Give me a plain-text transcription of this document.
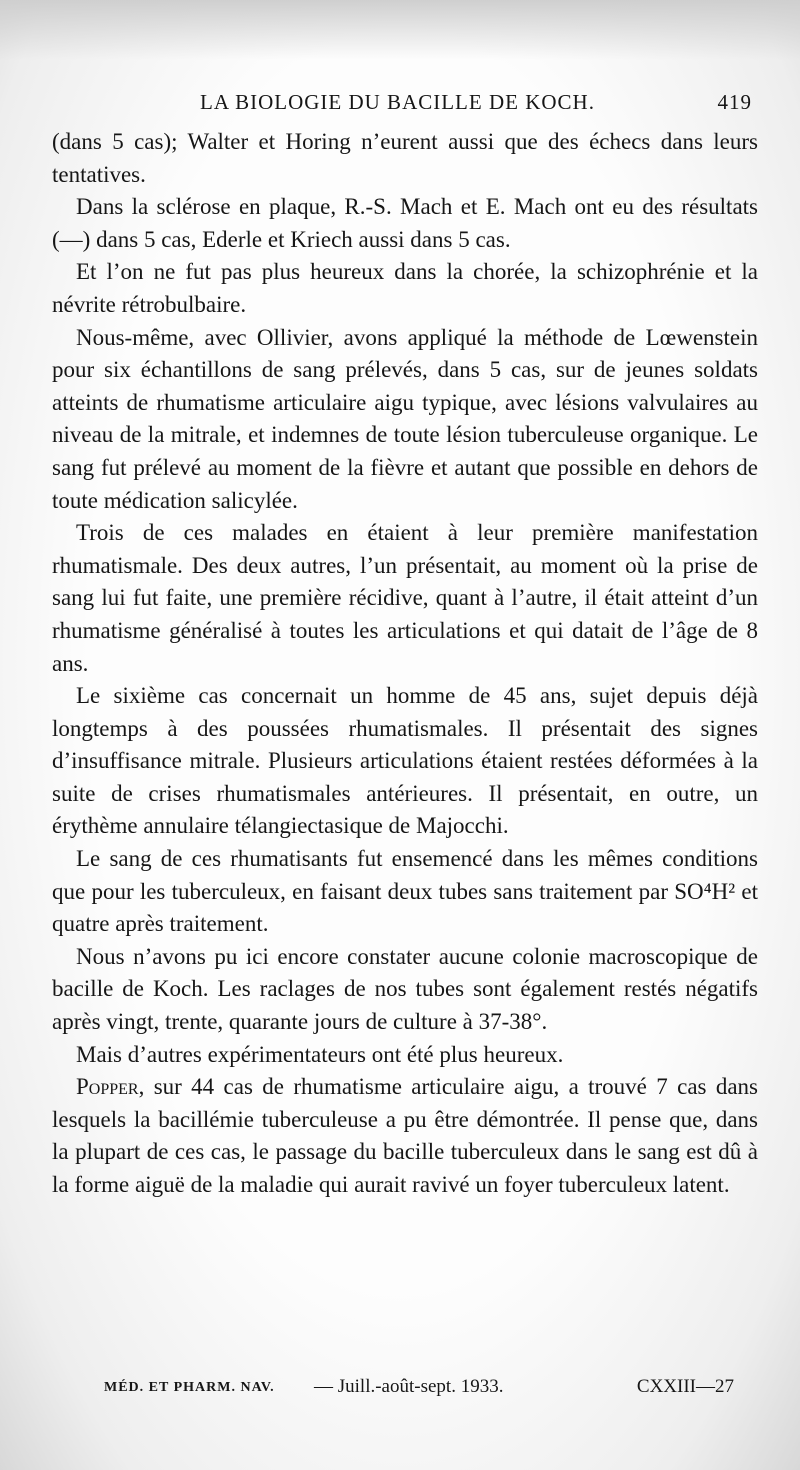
LA BIOLOGIE DU BACILLE DE KOCH.	419

(dans 5 cas); Walter et Horing n’eurent aussi que des échecs dans leurs tentatives.

Dans la sclérose en plaque, R.-S. Mach et E. Mach ont eu des résultats (—) dans 5 cas, Ederle et Kriech aussi dans 5 cas.

Et l’on ne fut pas plus heureux dans la chorée, la schizophrénie et la névrite rétrobulbaire.

Nous-même, avec Ollivier, avons appliqué la méthode de Lœwenstein pour six échantillons de sang prélevés, dans 5 cas, sur de jeunes soldats atteints de rhumatisme articulaire aigu typique, avec lésions valvulaires au niveau de la mitrale, et indemnes de toute lésion tuberculeuse organique. Le sang fut prélevé au moment de la fièvre et autant que possible en dehors de toute médication salicylée.

Trois de ces malades en étaient à leur première manifestation rhumatismale. Des deux autres, l’un présentait, au moment où la prise de sang lui fut faite, une première récidive, quant à l’autre, il était atteint d’un rhumatisme généralisé à toutes les articulations et qui datait de l’âge de 8 ans.

Le sixième cas concernait un homme de 45 ans, sujet depuis déjà longtemps à des poussées rhumatismales. Il présentait des signes d’insuffisance mitrale. Plusieurs articulations étaient restées déformées à la suite de crises rhumatismales antérieures. Il présentait, en outre, un érythème annulaire télangiectasique de Majocchi.

Le sang de ces rhumatisants fut ensemencé dans les mêmes conditions que pour les tuberculeux, en faisant deux tubes sans traitement par SO⁴H² et quatre après traitement.

Nous n’avons pu ici encore constater aucune colonie macroscopique de bacille de Koch. Les raclages de nos tubes sont également restés négatifs après vingt, trente, quarante jours de culture à 37-38°.

Mais d’autres expérimentateurs ont été plus heureux.

Popper, sur 44 cas de rhumatisme articulaire aigu, a trouvé 7 cas dans lesquels la bacillémie tuberculeuse a pu être démontrée. Il pense que, dans la plupart de ces cas, le passage du bacille tuberculeux dans le sang est dû à la forme aiguë de la maladie qui aurait ravivé un foyer tuberculeux latent.

MÉD. ET PHARM. NAV. — Juill.-août-sept. 1933.	CXXIII—27
